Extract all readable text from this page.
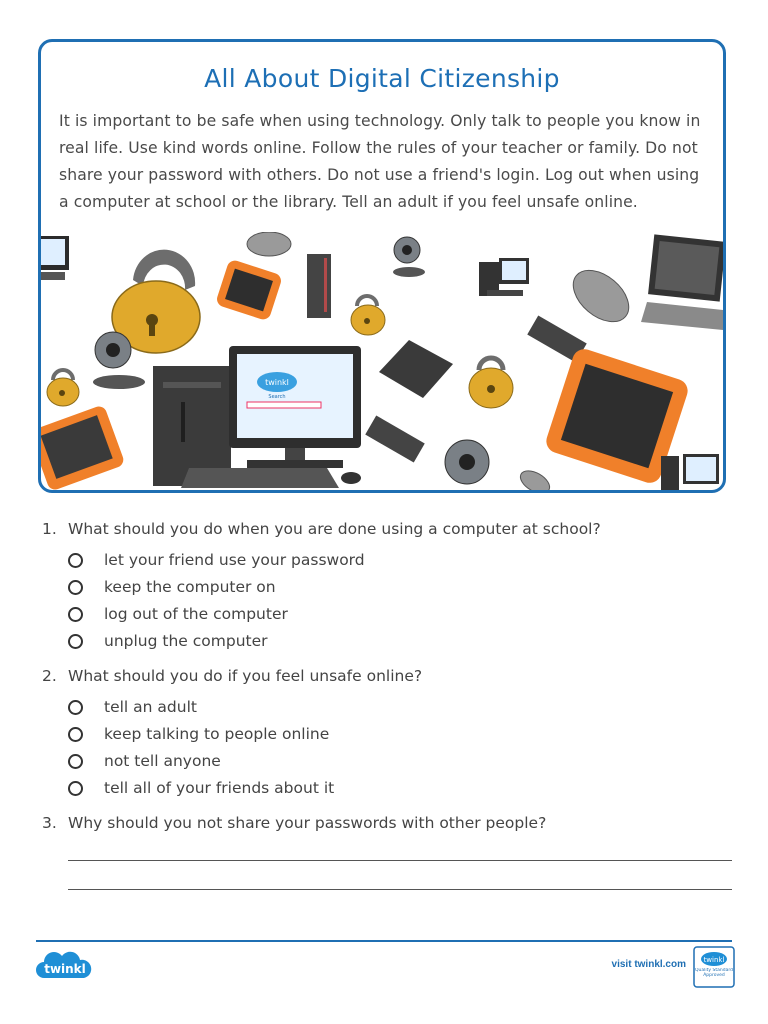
All About Digital Citizenship
It is important to be safe when using technology. Only talk to people you know in real life. Use kind words online. Follow the rules of your teacher or family. Do not share your password with others. Do not use a friend's login. Log out when using a computer at school or the library. Tell an adult if you feel unsafe online.
twinkl
Search
1. What should you do when you are done using a computer at school?
let your friend use your password
keep the computer on
log out of the computer
unplug the computer
2. What should you do if you feel unsafe online?
tell an adult
keep talking to people online
not tell anyone
tell all of your friends about it
3. Why should you not share your passwords with other people?
twinkl	visit twinkl.com	twinkl
Quality Standard Approved
